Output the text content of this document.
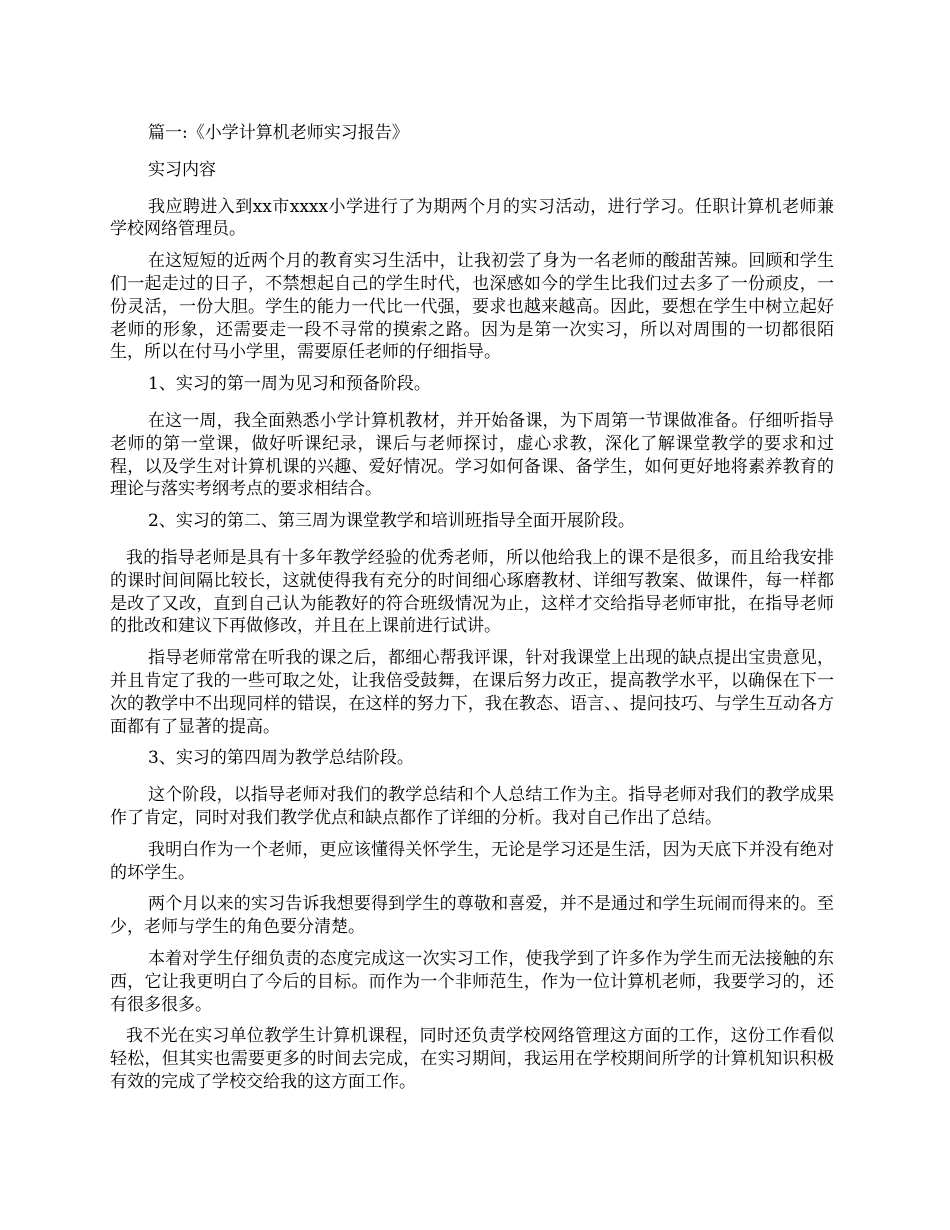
篇一:《小学计算机老师实习报告》

实习内容

我应聘进入到xx市xxxx小学进行了为期两个月的实习活动，进行学习。任职计算机老师兼学校网络管理员。

在这短短的近两个月的教育实习生活中，让我初尝了身为一名老师的酸甜苦辣。回顾和学生们一起走过的日子，不禁想起自己的学生时代，也深感如今的学生比我们过去多了一份顽皮，一份灵活，一份大胆。学生的能力一代比一代强，要求也越来越高。因此，要想在学生中树立起好老师的形象，还需要走一段不寻常的摸索之路。因为是第一次实习，所以对周围的一切都很陌生，所以在付马小学里，需要原任老师的仔细指导。

1、实习的第一周为见习和预备阶段。

在这一周，我全面熟悉小学计算机教材，并开始备课，为下周第一节课做准备。仔细听指导老师的第一堂课，做好听课纪录，课后与老师探讨，虚心求教，深化了解课堂教学的要求和过程，以及学生对计算机课的兴趣、爱好情况。学习如何备课、备学生，如何更好地将素养教育的理论与落实考纲考点的要求相结合。

2、实习的第二、第三周为课堂教学和培训班指导全面开展阶段。

我的指导老师是具有十多年教学经验的优秀老师，所以他给我上的课不是很多，而且给我安排的课时间间隔比较长，这就使得我有充分的时间细心琢磨教材、详细写教案、做课件，每一样都是改了又改，直到自己认为能教好的符合班级情况为止，这样才交给指导老师审批，在指导老师的批改和建议下再做修改，并且在上课前进行试讲。

指导老师常常在听我的课之后，都细心帮我评课，针对我课堂上出现的缺点提出宝贵意见，并且肯定了我的一些可取之处，让我倍受鼓舞，在课后努力改正，提高教学水平，以确保在下一次的教学中不出现同样的错误，在这样的努力下，我在教态、语言、、提问技巧、与学生互动各方面都有了显著的提高。

3、实习的第四周为教学总结阶段。

这个阶段，以指导老师对我们的教学总结和个人总结工作为主。指导老师对我们的教学成果作了肯定，同时对我们教学优点和缺点都作了详细的分析。我对自己作出了总结。

我明白作为一个老师，更应该懂得关怀学生，无论是学习还是生活，因为天底下并没有绝对的坏学生。

两个月以来的实习告诉我想要得到学生的尊敬和喜爱，并不是通过和学生玩闹而得来的。至少，老师与学生的角色要分清楚。

本着对学生仔细负责的态度完成这一次实习工作，使我学到了许多作为学生而无法接触的东西，它让我更明白了今后的目标。而作为一个非师范生，作为一位计算机老师，我要学习的，还有很多很多。

我不光在实习单位教学生计算机课程，同时还负责学校网络管理这方面的工作，这份工作看似轻松，但其实也需要更多的时间去完成，在实习期间，我运用在学校期间所学的计算机知识积极有效的完成了学校交给我的这方面工作。
